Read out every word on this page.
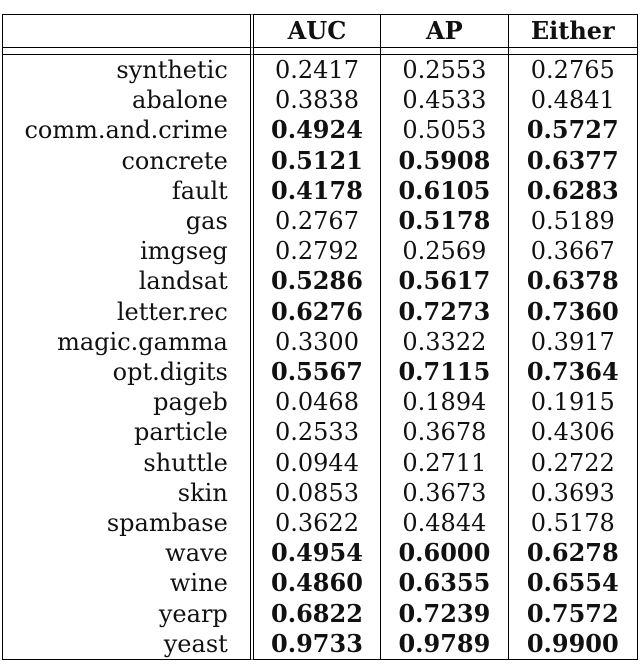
	AUC	AP	Either

synthetic	0.2417	0.2553	0.2765
abalone	0.3838	0.4533	0.4841
comm.and.crime	0.4924	0.5053	0.5727
concrete	0.5121	0.5908	0.6377
fault	0.4178	0.6105	0.6283
gas	0.2767	0.5178	0.5189
imgseg	0.2792	0.2569	0.3667
landsat	0.5286	0.5617	0.6378
letter.rec	0.6276	0.7273	0.7360
magic.gamma	0.3300	0.3322	0.3917
opt.digits	0.5567	0.7115	0.7364
pageb	0.0468	0.1894	0.1915
particle	0.2533	0.3678	0.4306
shuttle	0.0944	0.2711	0.2722
skin	0.0853	0.3673	0.3693
spambase	0.3622	0.4844	0.5178
wave	0.4954	0.6000	0.6278
wine	0.4860	0.6355	0.6554
yearp	0.6822	0.7239	0.7572
yeast	0.9733	0.9789	0.9900
